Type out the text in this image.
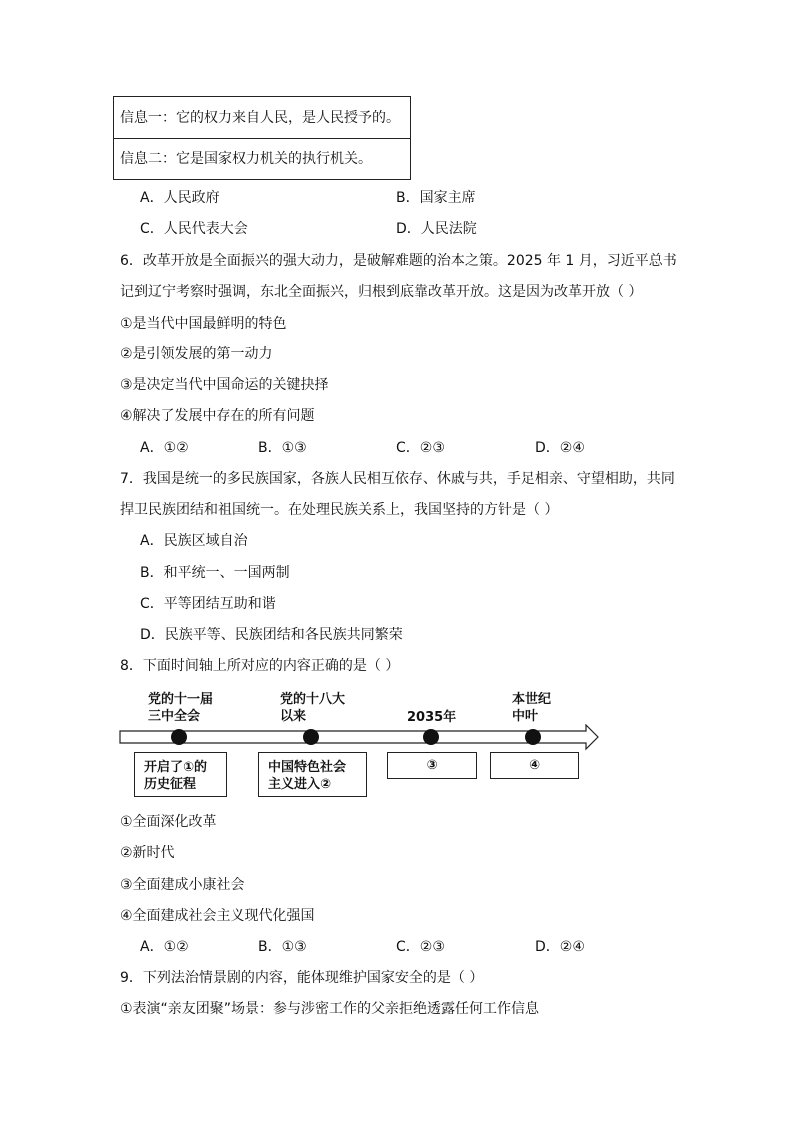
信息一：它的权力来自人民，是人民授予的。
信息二：它是国家权力机关的执行机关。
A．人民政府	B．国家主席
C．人民代表大会	D．人民法院
6．改革开放是全面振兴的强大动力，是破解难题的治本之策。2025 年 1 月，习近平总书
记到辽宁考察时强调，东北全面振兴，归根到底靠改革开放。这是因为改革开放（ ）
①是当代中国最鲜明的特色
②是引领发展的第一动力
③是决定当代中国命运的关键抉择
④解决了发展中存在的所有问题
A．①②	B．①③	C．②③	D．②④
7．我国是统一的多民族国家，各族人民相互依存、休戚与共，手足相亲、守望相助，共同
捍卫民族团结和祖国统一。在处理民族关系上，我国坚持的方针是（ ）
A．民族区域自治
B．和平统一、一国两制
C．平等团结互助和谐
D．民族平等、民族团结和各民族共同繁荣
8．下面时间轴上所对应的内容正确的是（ ）
党的十一届
三中全会
党的十八大
以来	2035年
本世纪
中叶
开启了①的
历史征程
中国特色社会
主义进入②
③	④
①全面深化改革
②新时代
③全面建成小康社会
④全面建成社会主义现代化强国
A．①②	B．①③	C．②③	D．②④
9．下列法治情景剧的内容，能体现维护国家安全的是（ ）
①表演“亲友团聚”场景：参与涉密工作的父亲拒绝透露任何工作信息
